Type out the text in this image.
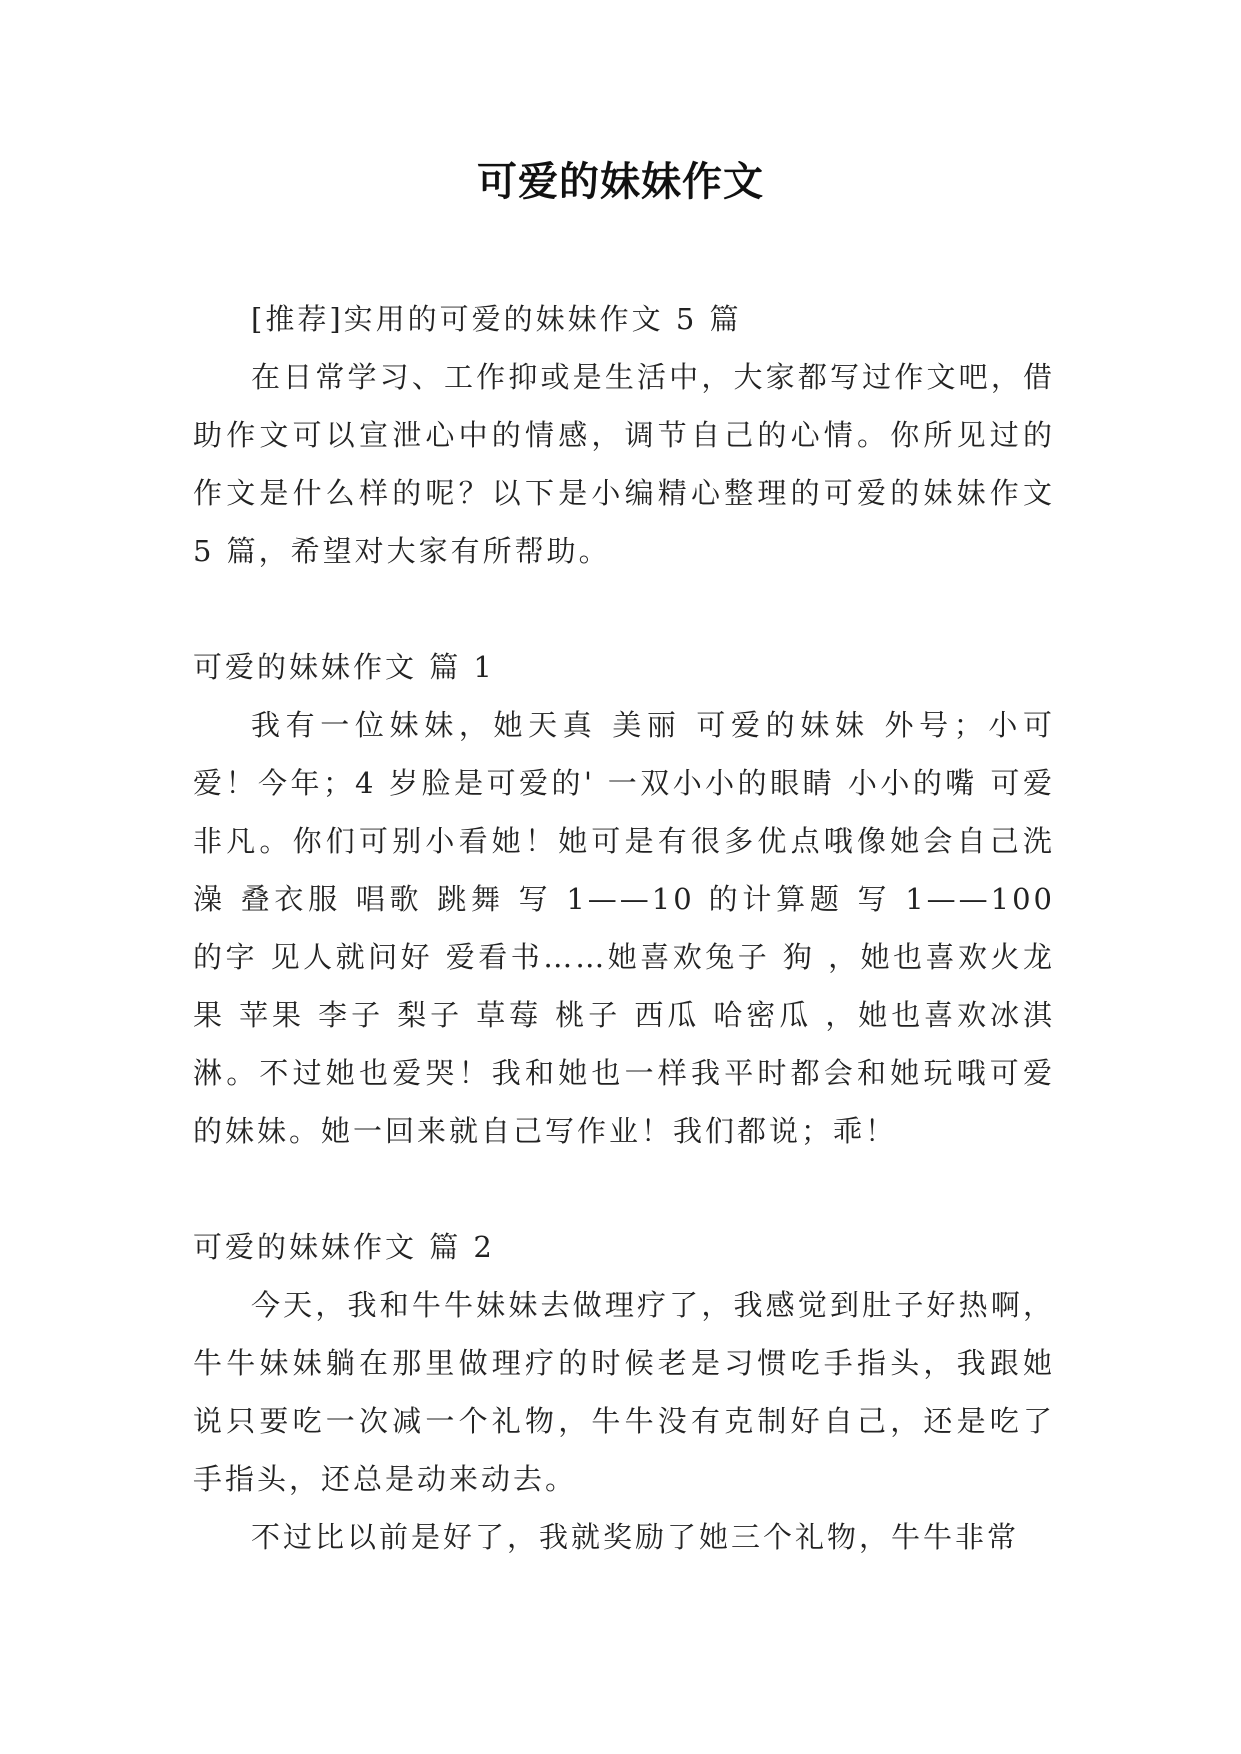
可爱的妹妹作文

[推荐]实用的可爱的妹妹作文 5 篇

在日常学习、工作抑或是生活中，大家都写过作文吧，借助作文可以宣泄心中的情感，调节自己的心情。你所见过的作文是什么样的呢？以下是小编精心整理的可爱的妹妹作文 5 篇，希望对大家有所帮助。

可爱的妹妹作文 篇 1

我有一位妹妹，她天真 美丽 可爱的妹妹 外号；小可爱！今年；4 岁脸是可爱的' 一双小小的眼睛 小小的嘴 可爱非凡。你们可别小看她！她可是有很多优点哦像她会自己洗澡 叠衣服 唱歌 跳舞 写 1——10 的计算题 写 1——100 的字 见人就问好 爱看书……她喜欢兔子 狗 ，她也喜欢火龙果 苹果 李子 梨子 草莓 桃子 西瓜 哈密瓜 ，她也喜欢冰淇淋。不过她也爱哭！我和她也一样我平时都会和她玩哦可爱的妹妹。她一回来就自己写作业！我们都说；乖！

可爱的妹妹作文 篇 2

今天，我和牛牛妹妹去做理疗了，我感觉到肚子好热啊，牛牛妹妹躺在那里做理疗的时候老是习惯吃手指头，我跟她说只要吃一次减一个礼物，牛牛没有克制好自己，还是吃了手指头，还总是动来动去。

不过比以前是好了，我就奖励了她三个礼物，牛牛非常
